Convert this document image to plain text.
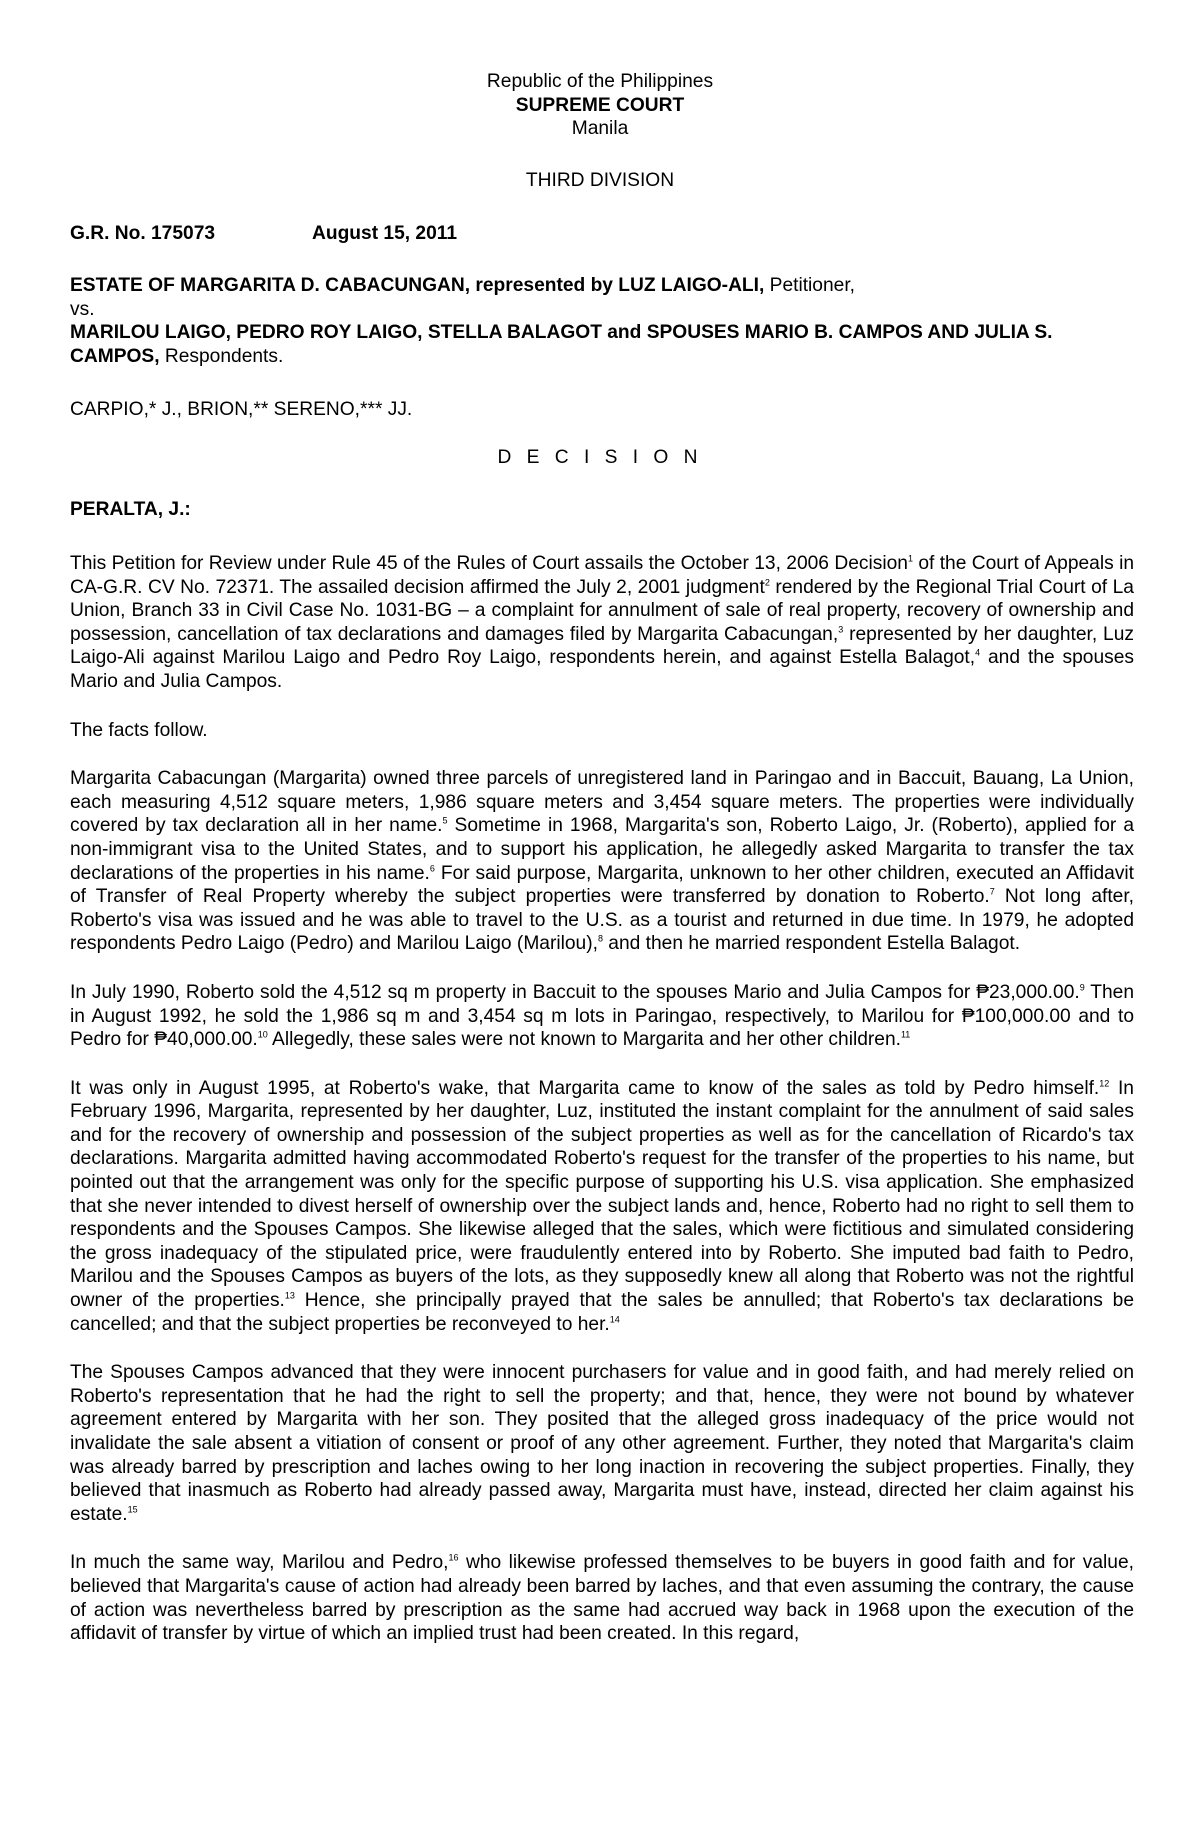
Republic of the Philippines
SUPREME COURT
Manila
THIRD DIVISION
G.R. No. 175073	August 15, 2011
ESTATE OF MARGARITA D. CABACUNGAN, represented by LUZ LAIGO-ALI, Petitioner,
vs.
MARILOU LAIGO, PEDRO ROY LAIGO, STELLA BALAGOT and SPOUSES MARIO B. CAMPOS AND JULIA S. CAMPOS, Respondents.
CARPIO,* J., BRION,** SERENO,*** JJ.
D E C I S I O N
PERALTA, J.:

This Petition for Review under Rule 45 of the Rules of Court assails the October 13, 2006 Decision$^1$ of the Court of Appeals in CA-G.R. CV No. 72371. The assailed decision affirmed the July 2, 2001 judgment$^2$ rendered by the Regional Trial Court of La Union, Branch 33 in Civil Case No. 1031-BG – a complaint for annulment of sale of real property, recovery of ownership and possession, cancellation of tax declarations and damages filed by Margarita Cabacungan,$^3$ represented by her daughter, Luz Laigo-Ali against Marilou Laigo and Pedro Roy Laigo, respondents herein, and against Estella Balagot,$^4$ and the spouses Mario and Julia Campos.

The facts follow.

Margarita Cabacungan (Margarita) owned three parcels of unregistered land in Paringao and in Baccuit, Bauang, La Union, each measuring 4,512 square meters, 1,986 square meters and 3,454 square meters. The properties were individually covered by tax declaration all in her name.$^5$ Sometime in 1968, Margarita's son, Roberto Laigo, Jr. (Roberto), applied for a non-immigrant visa to the United States, and to support his application, he allegedly asked Margarita to transfer the tax declarations of the properties in his name.$^6$ For said purpose, Margarita, unknown to her other children, executed an Affidavit of Transfer of Real Property whereby the subject properties were transferred by donation to Roberto.$^7$ Not long after, Roberto's visa was issued and he was able to travel to the U.S. as a tourist and returned in due time. In 1979, he adopted respondents Pedro Laigo (Pedro) and Marilou Laigo (Marilou),$^8$ and then he married respondent Estella Balagot.

In July 1990, Roberto sold the 4,512 sq m property in Baccuit to the spouses Mario and Julia Campos for ₱23,000.00.$^9$ Then in August 1992, he sold the 1,986 sq m and 3,454 sq m lots in Paringao, respectively, to Marilou for ₱100,000.00 and to Pedro for ₱40,000.00.10 Allegedly, these sales were not known to Margarita and her other children.$^{11}$

It was only in August 1995, at Roberto's wake, that Margarita came to know of the sales as told by Pedro himself.$^{12}$ In February 1996, Margarita, represented by her daughter, Luz, instituted the instant complaint for the annulment of said sales and for the recovery of ownership and possession of the subject properties as well as for the cancellation of Ricardo's tax declarations. Margarita admitted having accommodated Roberto's request for the transfer of the properties to his name, but pointed out that the arrangement was only for the specific purpose of supporting his U.S. visa application. She emphasized that she never intended to divest herself of ownership over the subject lands and, hence, Roberto had no right to sell them to respondents and the Spouses Campos. She likewise alleged that the sales, which were fictitious and simulated considering the gross inadequacy of the stipulated price, were fraudulently entered into by Roberto. She imputed bad faith to Pedro, Marilou and the Spouses Campos as buyers of the lots, as they supposedly knew all along that Roberto was not the rightful owner of the properties.$^{13}$ Hence, she principally prayed that the sales be annulled; that Roberto's tax declarations be cancelled; and that the subject properties be reconveyed to her.$^{14}$

The Spouses Campos advanced that they were innocent purchasers for value and in good faith, and had merely relied on Roberto's representation that he had the right to sell the property; and that, hence, they were not bound by whatever agreement entered by Margarita with her son. They posited that the alleged gross inadequacy of the price would not invalidate the sale absent a vitiation of consent or proof of any other agreement. Further, they noted that Margarita's claim was already barred by prescription and laches owing to her long inaction in recovering the subject properties. Finally, they believed that inasmuch as Roberto had already passed away, Margarita must have, instead, directed her claim against his estate.$^{15}$

In much the same way, Marilou and Pedro,$^{16}$ who likewise professed themselves to be buyers in good faith and for value, believed that Margarita's cause of action had already been barred by laches, and that even assuming the contrary, the cause of action was nevertheless barred by prescription as the same had accrued way back in 1968 upon the execution of the affidavit of transfer by virtue of which an implied trust had been created. In this regard,
